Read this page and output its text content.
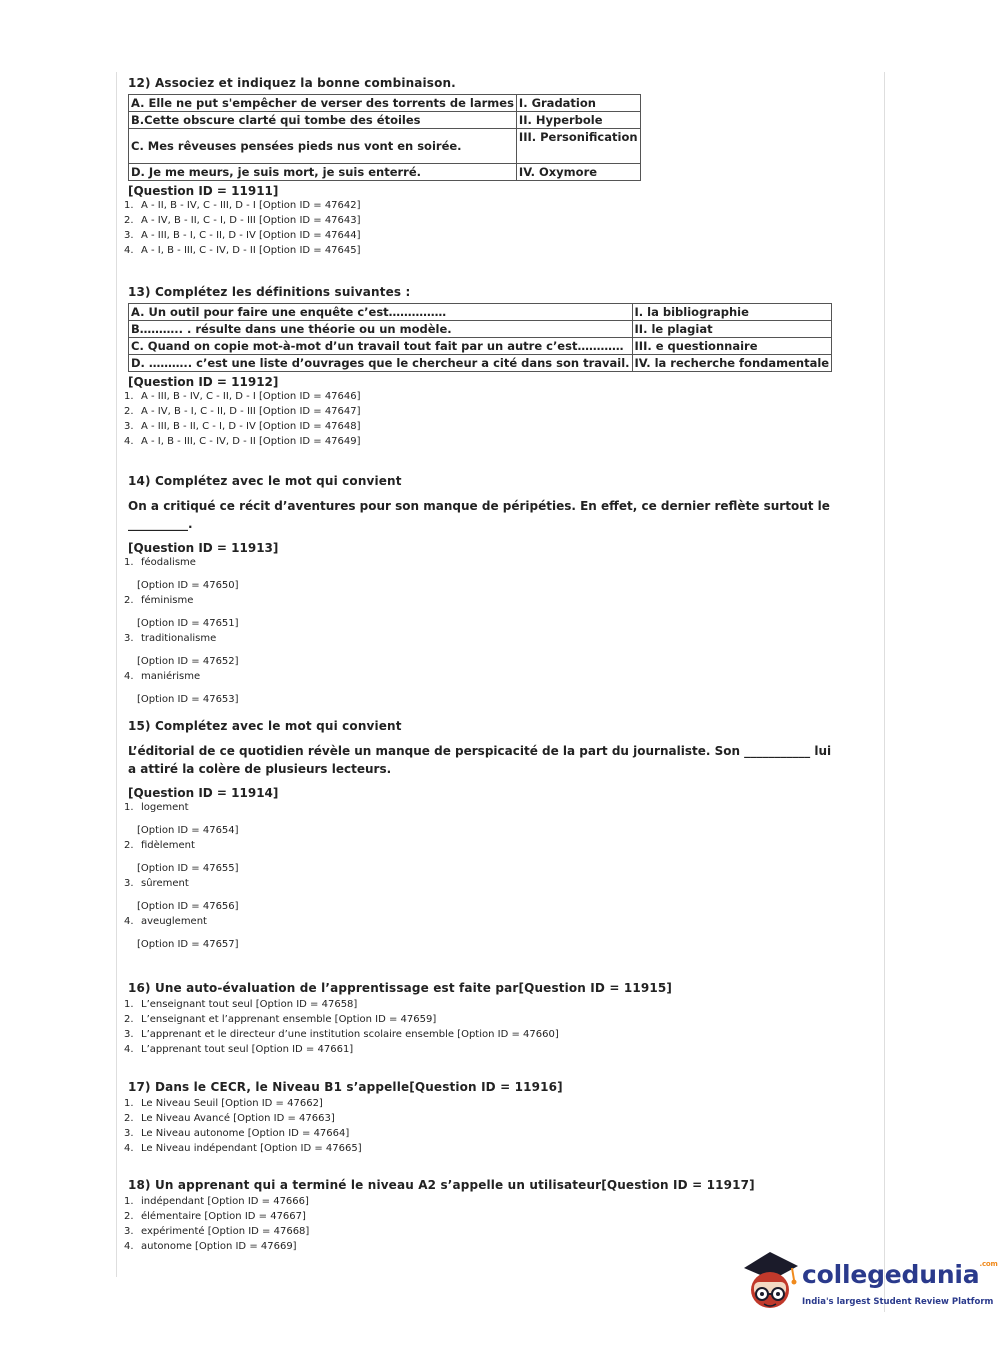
12) Associez et indiquez la bonne combinaison.

A. Elle ne put s'empêcher de verser des torrents de larmes	I. Gradation
B.Cette obscure clarté qui tombe des étoiles	II. Hyperbole
C. Mes rêveuses pensées pieds nus vont en soirée.	III. Personification
D. Je me meurs, je suis mort, je suis enterré.	IV. Oxymore

[Question ID = 11911]

1. A - II, B - IV, C - III, D - I [Option ID = 47642]
2. A - IV, B - II, C - I, D - III [Option ID = 47643]
3. A - III, B - I, C - II, D - IV [Option ID = 47644]
4. A - I, B - III, C - IV, D - II [Option ID = 47645]

13) Complétez les définitions suivantes :

A. Un outil pour faire une enquête c’est……………	I. la bibliographie
B……….. . résulte dans une théorie ou un modèle.	II. le plagiat
C. Quand on copie mot-à-mot d’un travail tout fait par un autre c’est…………	III. e questionnaire
D. ……….. c’est une liste d’ouvrages que le chercheur a cité dans son travail.	IV. la recherche fondamentale

[Question ID = 11912]

1. A - III, B - IV, C - II, D - I [Option ID = 47646]
2. A - IV, B - I, C - II, D - III [Option ID = 47647]
3. A - III, B - II, C - I, D - IV [Option ID = 47648]
4. A - I, B - III, C - IV, D - II [Option ID = 47649]

14) Complétez avec le mot qui convient

On a critiqué ce récit d’aventures pour son manque de péripéties. En effet, ce dernier reflète surtout le __________.

[Question ID = 11913]

1. féodalisme
[Option ID = 47650]
2. féminisme
[Option ID = 47651]
3. traditionalisme
[Option ID = 47652]
4. maniérisme
[Option ID = 47653]

15) Complétez avec le mot qui convient

L’éditorial de ce quotidien révèle un manque de perspicacité de la part du journaliste. Son ___________ lui a attiré la colère de plusieurs lecteurs.

[Question ID = 11914]

1. logement
[Option ID = 47654]
2. fidèlement
[Option ID = 47655]
3. sûrement
[Option ID = 47656]
4. aveuglement
[Option ID = 47657]

16) Une auto-évaluation de l’apprentissage est faite par[Question ID = 11915]

1. L’enseignant tout seul [Option ID = 47658]
2. L’enseignant et l’apprenant ensemble [Option ID = 47659]
3. L’apprenant et le directeur d’une institution scolaire ensemble [Option ID = 47660]
4. L’apprenant tout seul [Option ID = 47661]

17) Dans le CECR, le Niveau B1 s’appelle[Question ID = 11916]

1. Le Niveau Seuil [Option ID = 47662]
2. Le Niveau Avancé [Option ID = 47663]
3. Le Niveau autonome [Option ID = 47664]
4. Le Niveau indépendant [Option ID = 47665]

18) Un apprenant qui a terminé le niveau A2 s’appelle un utilisateur[Question ID = 11917]

1. indépendant [Option ID = 47666]
2. élémentaire [Option ID = 47667]
3. expérimenté [Option ID = 47668]
4. autonome [Option ID = 47669]
collegedunia$^{.com}$
India's largest Student Review Platform
